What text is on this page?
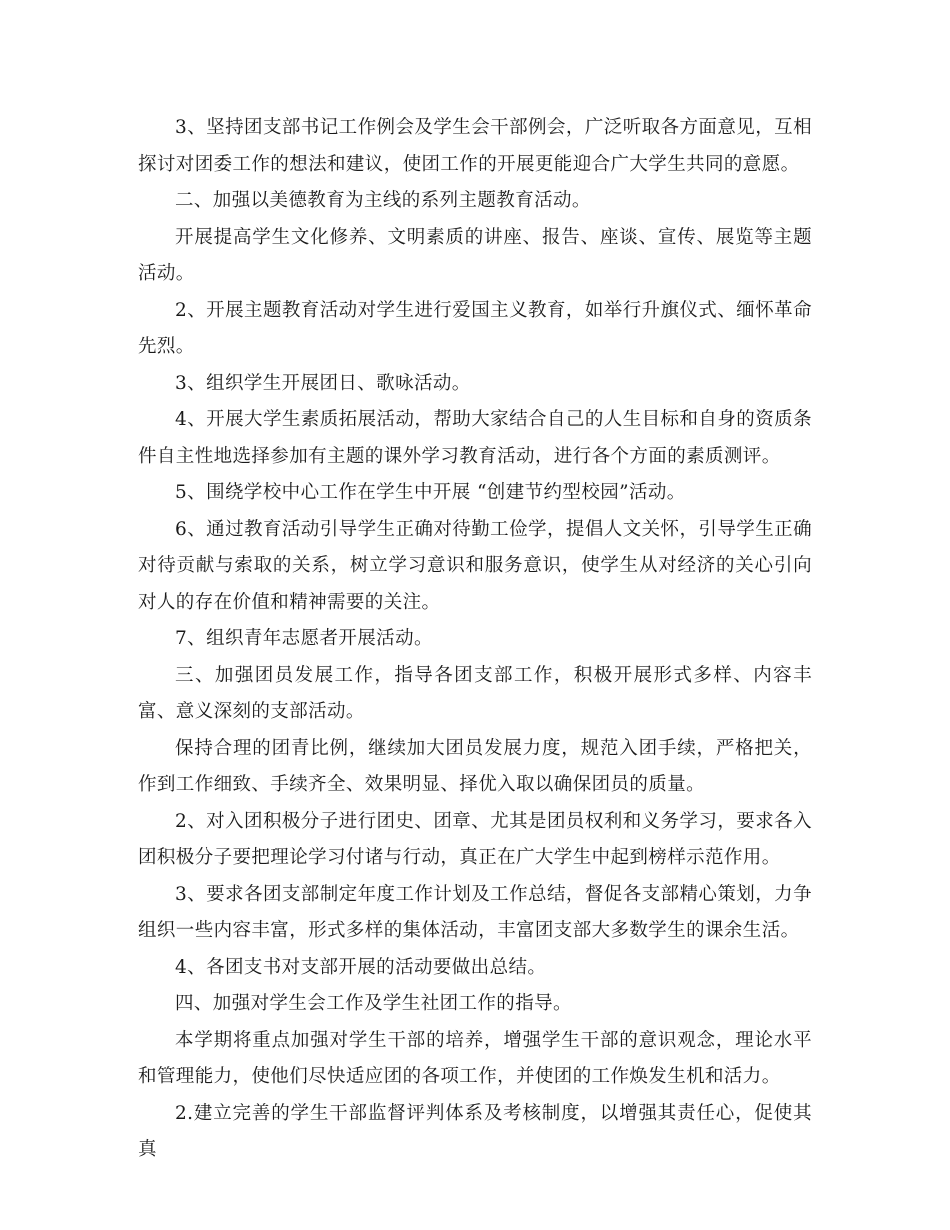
3、坚持团支部书记工作例会及学生会干部例会，广泛听取各方面意见，互相探讨对团委工作的想法和建议，使团工作的开展更能迎合广大学生共同的意愿。

二、加强以美德教育为主线的系列主题教育活动。

开展提高学生文化修养、文明素质的讲座、报告、座谈、宣传、展览等主题活动。

2、开展主题教育活动对学生进行爱国主义教育，如举行升旗仪式、缅怀革命先烈。

3、组织学生开展团日、歌咏活动。

4、开展大学生素质拓展活动，帮助大家结合自己的人生目标和自身的资质条件自主性地选择参加有主题的课外学习教育活动，进行各个方面的素质测评。

5、围绕学校中心工作在学生中开展 “创建节约型校园”活动。

6、通过教育活动引导学生正确对待勤工俭学，提倡人文关怀，引导学生正确对待贡献与索取的关系，树立学习意识和服务意识，使学生从对经济的关心引向对人的存在价值和精神需要的关注。

7、组织青年志愿者开展活动。

三、加强团员发展工作，指导各团支部工作，积极开展形式多样、内容丰富、意义深刻的支部活动。

保持合理的团青比例，继续加大团员发展力度，规范入团手续，严格把关，作到工作细致、手续齐全、效果明显、择优入取以确保团员的质量。

2、对入团积极分子进行团史、团章、尤其是团员权利和义务学习，要求各入团积极分子要把理论学习付诸与行动，真正在广大学生中起到榜样示范作用。

3、要求各团支部制定年度工作计划及工作总结，督促各支部精心策划，力争组织一些内容丰富，形式多样的集体活动，丰富团支部大多数学生的课余生活。

4、各团支书对支部开展的活动要做出总结。

四、加强对学生会工作及学生社团工作的指导。

本学期将重点加强对学生干部的培养，增强学生干部的意识观念，理论水平和管理能力，使他们尽快适应团的各项工作，并使团的工作焕发生机和活力。

2.建立完善的学生干部监督评判体系及考核制度，以增强其责任心，促使其真
